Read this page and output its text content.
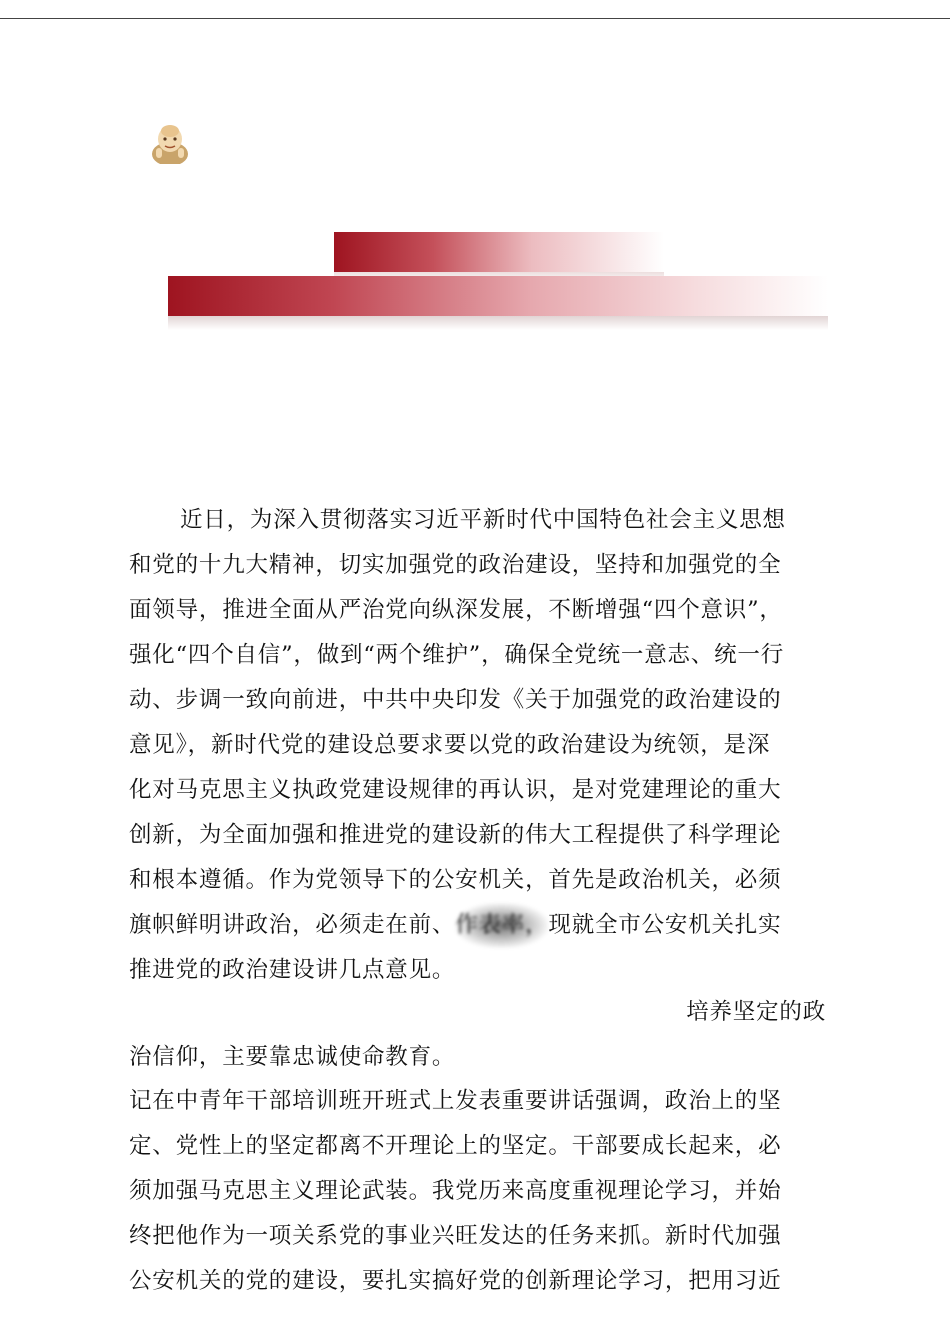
近日，为深入贯彻落实习近平新时代中国特色社会主义思想
和党的十九大精神，切实加强党的政治建设，坚持和加强党的全
面领导，推进全面从严治党向纵深发展，不断增强“四个意识”，
强化“四个自信”，做到“两个维护”，确保全党统一意志、统一行
动、步调一致向前进，中共中央印发《关于加强党的政治建设的
意见》，新时代党的建设总要求要以党的政治建设为统领，是深
化对马克思主义执政党建设规律的再认识，是对党建理论的重大
创新，为全面加强和推进党的建设新的伟大工程提供了科学理论
和根本遵循。作为党领导下的公安机关，首先是政治机关，必须
旗帜鲜明讲政治，必须走在前、作表率，现就全市公安机关扎实
推进党的政治建设讲几点意见。
培养坚定的政
治信仰，主要靠忠诚使命教育。
记在中青年干部培训班开班式上发表重要讲话强调，政治上的坚
定、党性上的坚定都离不开理论上的坚定。干部要成长起来，必
须加强马克思主义理论武装。我党历来高度重视理论学习，并始
终把他作为一项关系党的事业兴旺发达的任务来抓。新时代加强
公安机关的党的建设，要扎实搞好党的创新理论学习，把用习近
